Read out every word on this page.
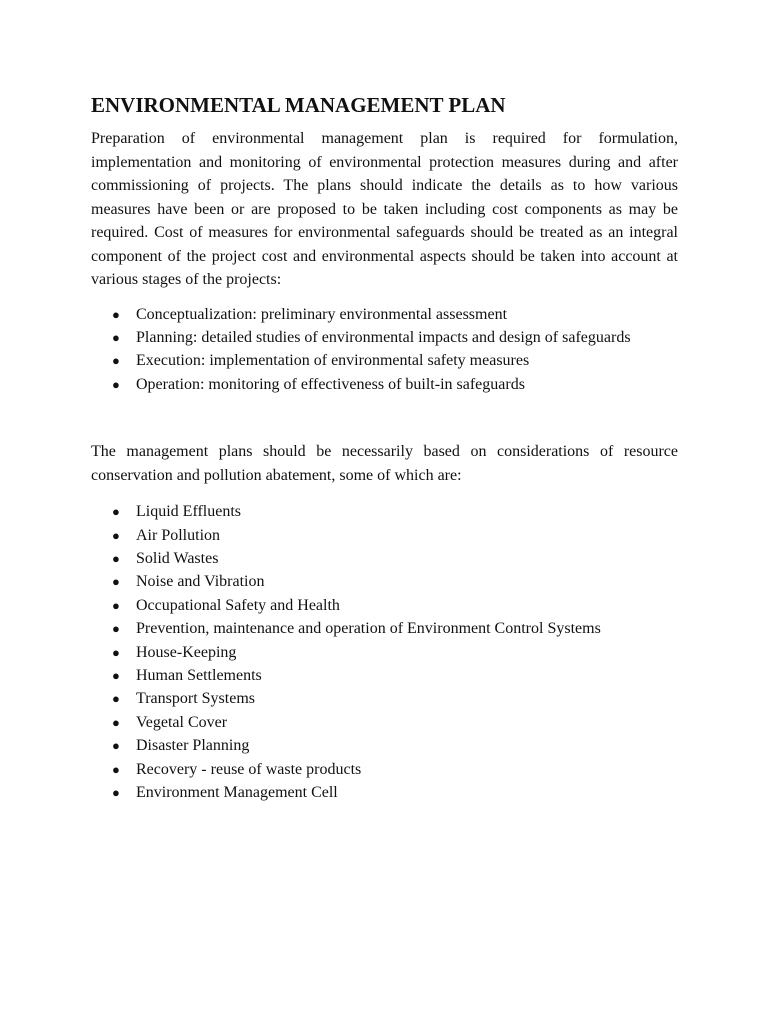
ENVIRONMENTAL MANAGEMENT PLAN

Preparation of environmental management plan is required for formulation, implementation and monitoring of environmental protection measures during and after commissioning of projects. The plans should indicate the details as to how various measures have been or are proposed to be taken including cost components as may be required. Cost of measures for environmental safeguards should be treated as an integral component of the project cost and environmental aspects should be taken into account at various stages of the projects:

● Conceptualization: preliminary environmental assessment
● Planning: detailed studies of environmental impacts and design of safeguards
● Execution: implementation of environmental safety measures
● Operation: monitoring of effectiveness of built-in safeguards

The management plans should be necessarily based on considerations of resource conservation and pollution abatement, some of which are:

● Liquid Effluents
● Air Pollution
● Solid Wastes
● Noise and Vibration
● Occupational Safety and Health
● Prevention, maintenance and operation of Environment Control Systems
● House-Keeping
● Human Settlements
● Transport Systems
● Vegetal Cover
● Disaster Planning
● Recovery - reuse of waste products
● Environment Management Cell
